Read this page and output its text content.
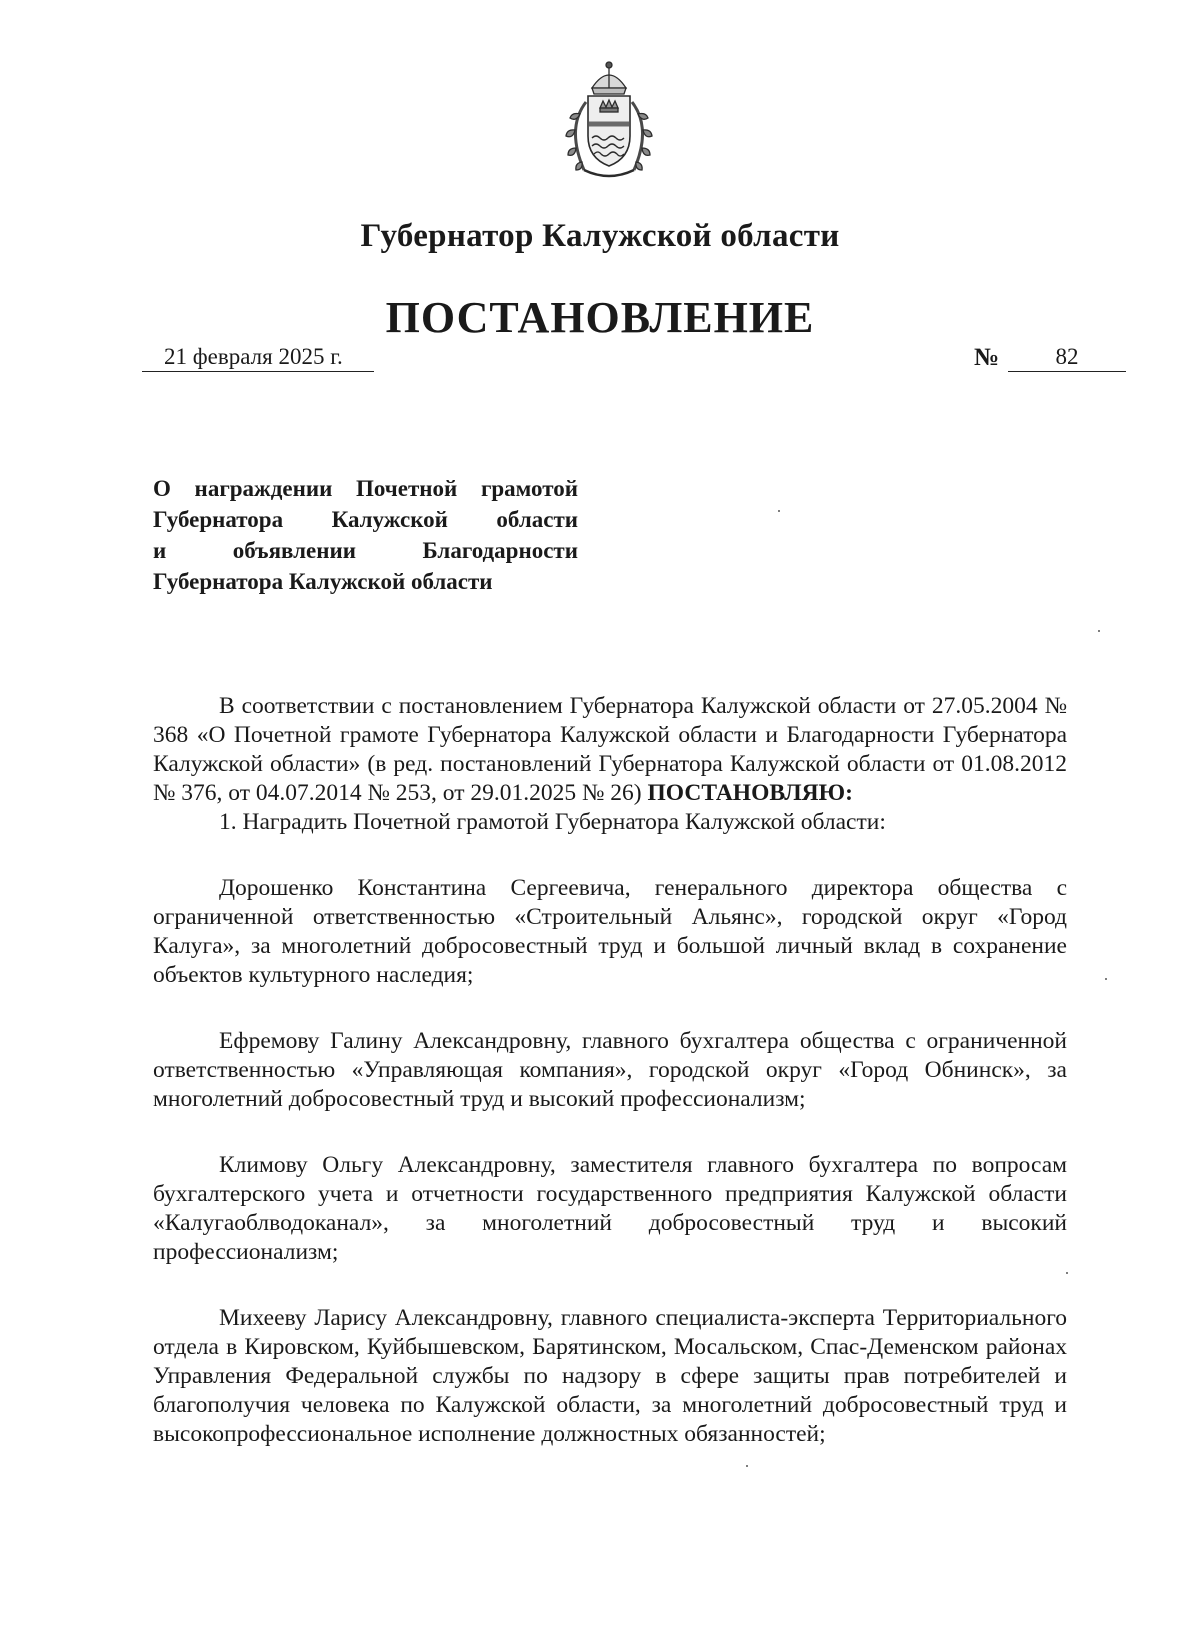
Губернатор Калужской области
ПОСТАНОВЛЕНИЕ
21 февраля 2025 г.	№	82
О награждении Почетной грамотой
Губернатора Калужской области
и объявлении Благодарности
Губернатора Калужской области

В соответствии с постановлением Губернатора Калужской области от 27.05.2004 № 368 «О Почетной грамоте Губернатора Калужской области и Благодарности Губернатора Калужской области» (в ред. постановлений Губернатора Калужской области от 01.08.2012 № 376, от 04.07.2014 № 253, от 29.01.2025 № 26) ПОСТАНОВЛЯЮ:

1. Наградить Почетной грамотой Губернатора Калужской области:

Дорошенко Константина Сергеевича, генерального директора общества с ограниченной ответственностью «Строительный Альянс», городской округ «Город Калуга», за многолетний добросовестный труд и большой личный вклад в сохранение объектов культурного наследия;

Ефремову Галину Александровну, главного бухгалтера общества с ограниченной ответственностью «Управляющая компания», городской округ «Город Обнинск», за многолетний добросовестный труд и высокий профессионализм;

Климову Ольгу Александровну, заместителя главного бухгалтера по вопросам бухгалтерского учета и отчетности государственного предприятия Калужской области «Калугаоблводоканал», за многолетний добросовестный труд и высокий профессионализм;

Михееву Ларису Александровну, главного специалиста-эксперта Территориального отдела в Кировском, Куйбышевском, Барятинском, Мосальском, Спас-Деменском районах Управления Федеральной службы по надзору в сфере защиты прав потребителей и благополучия человека по Калужской области, за многолетний добросовестный труд и высокопрофессиональное исполнение должностных обязанностей;
